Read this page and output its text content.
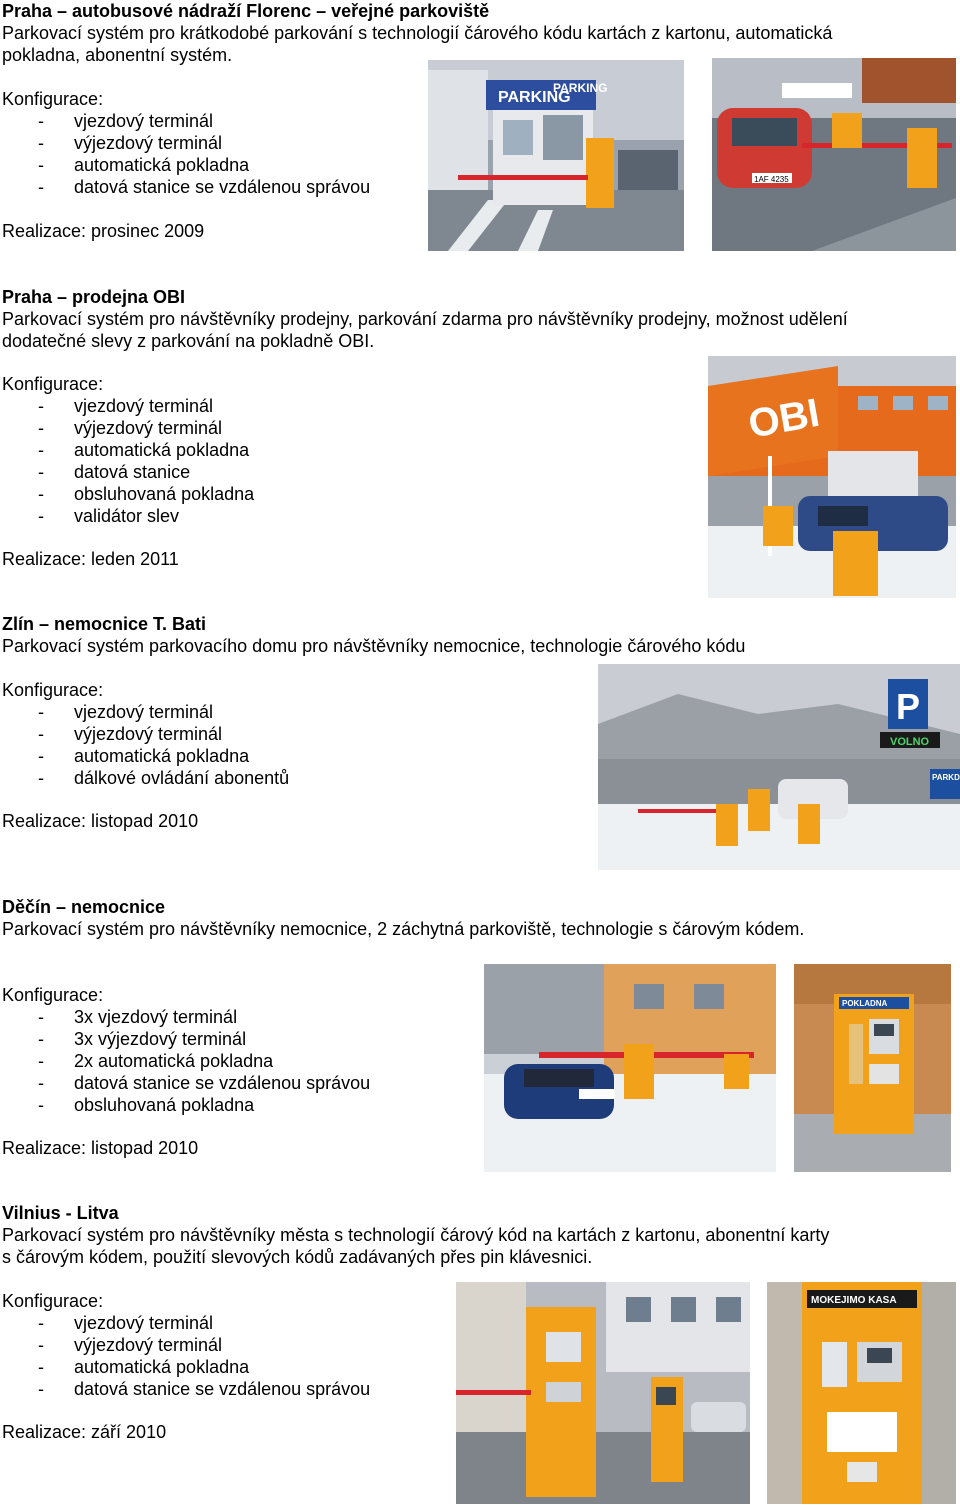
Praha – autobusové nádraží Florenc – veřejné parkoviště
Parkovací systém pro krátkodobé parkování s technologií čárového kódu kartách z kartonu, automatická
pokladna, abonentní systém.
Konfigurace:
- vjezdový terminál
- výjezdový terminál
- automatická pokladna
- datová stanice se vzdálenou správou
Realizace: prosinec 2009
PARKING
PARKING
1AF 4235
Praha – prodejna OBI
Parkovací systém pro návštěvníky prodejny, parkování zdarma pro návštěvníky prodejny, možnost udělení
dodatečné slevy z parkování na pokladně OBI.
Konfigurace:
- vjezdový terminál
- výjezdový terminál
- automatická pokladna
- datová stanice
- obsluhovaná pokladna
- validátor slev
Realizace: leden 2011
OBI
Zlín – nemocnice T. Bati
Parkovací systém parkovacího domu pro návštěvníky nemocnice, technologie čárového kódu
Konfigurace:
- vjezdový terminál
- výjezdový terminál
- automatická pokladna
- dálkové ovládání abonentů
Realizace: listopad 2010
P
VOLNO
PARKD
Děčín – nemocnice
Parkovací systém pro návštěvníky nemocnice, 2 záchytná parkoviště, technologie s čárovým kódem.
Konfigurace:
- 3x vjezdový terminál
- 3x výjezdový terminál
- 2x automatická pokladna
- datová stanice se vzdálenou správou
- obsluhovaná pokladna
Realizace: listopad 2010
POKLADNA
Vilnius - Litva
Parkovací systém pro návštěvníky města s technologií čárový kód na kartách z kartonu, abonentní karty
s čárovým kódem, použití slevových kódů zadávaných přes pin klávesnici.
Konfigurace:
- vjezdový terminál
- výjezdový terminál
- automatická pokladna
- datová stanice se vzdálenou správou
Realizace: září 2010
MOKEJIMO KASA
